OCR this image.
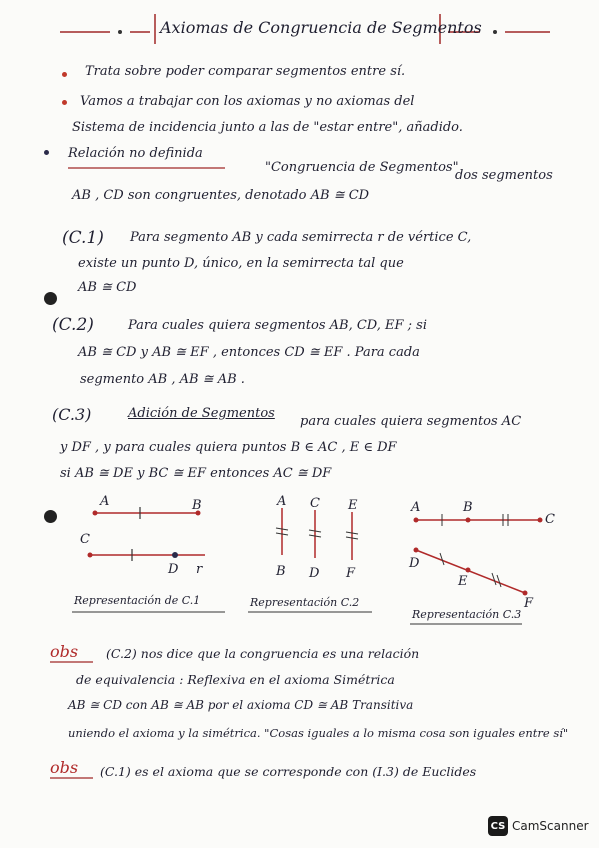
Axiomas de Congruencia de Segmentos
Trata sobre poder comparar segmentos entre sí.
Vamos a trabajar con los axiomas y no axiomas del
Sistema de incidencia junto a las de "estar entre", añadido.
Relación no definida
"Congruencia de Segmentos"
dos segmentos
AB , CD son congruentes, denotado AB ≅ CD
(C.1)	Para segmento AB y cada semirrecta r de vértice C,
existe un punto D, único, en la semirrecta tal que
AB ≅ CD
(C.2)	Para cuales quiera segmentos AB, CD, EF ; si
AB ≅ CD y AB ≅ EF , entonces CD ≅ EF . Para cada
segmento AB , AB ≅ AB .
(C.3)	Adición de Segmentos
para cuales quiera segmentos AC
y DF , y para cuales quiera puntos B ∈ AC , E ∈ DF
si AB ≅ DE y BC ≅ EF entonces AC ≅ DF
A	B
C
D r
A C E
B D F
A	B
C
D
E
F
Representación de C.1	Representación C.2
Representación C.3
obs (C.2) nos dice que la congruencia es una relación
de equivalencia : Reflexiva en el axioma Simétrica
AB ≅ CD con AB ≅ AB por el axioma CD ≅ AB Transitiva
uniendo el axioma y la simétrica. "Cosas iguales a lo misma cosa son iguales entre sí"
obs (C.1) es el axioma que se corresponde con (I.3) de Euclides
CS CamScanner
